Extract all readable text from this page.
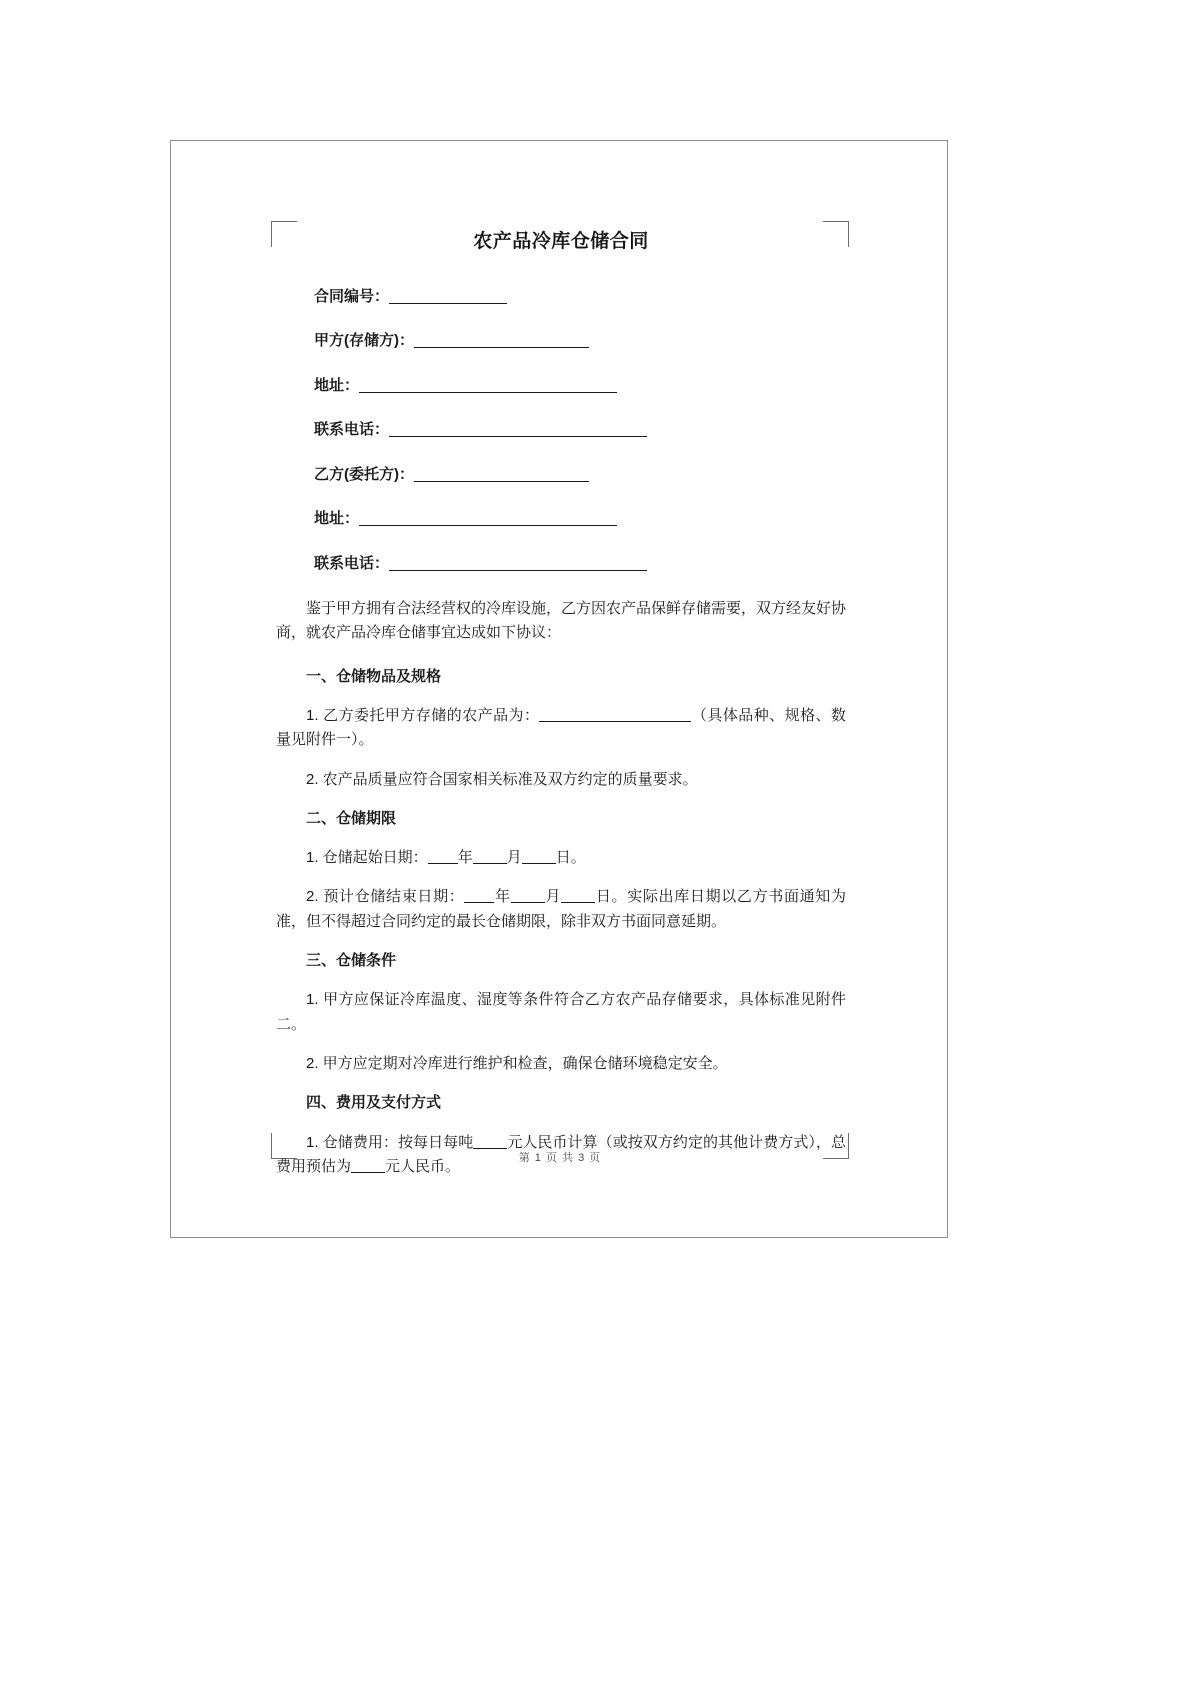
农产品冷库仓储合同
合同编号：
甲方(存储方)：
地址：
联系电话：
乙方(委托方)：
地址：
联系电话：

鉴于甲方拥有合法经营权的冷库设施，乙方因农产品保鲜存储需要，双方经友好协商，就农产品冷库仓储事宜达成如下协议：

一、仓储物品及规格

1. 乙方委托甲方存储的农产品为：	（具体品种、规格、数量见附件一）。

2. 农产品质量应符合国家相关标准及双方约定的质量要求。

二、仓储期限

1. 仓储起始日期： 年 月 日。

2. 预计仓储结束日期： 年 月 日。实际出库日期以乙方书面通知为准，但不得超过合同约定的最长仓储期限，除非双方书面同意延期。

三、仓储条件

1. 甲方应保证冷库温度、湿度等条件符合乙方农产品存储要求，具体标准见附件二。

2. 甲方应定期对冷库进行维护和检查，确保仓储环境稳定安全。

四、费用及支付方式

1. 仓储费用：按每日每吨 元人民币计算（或按双方约定的其他计费方式），总费用预估为 元人民币。	第 1 页 共 3 页
